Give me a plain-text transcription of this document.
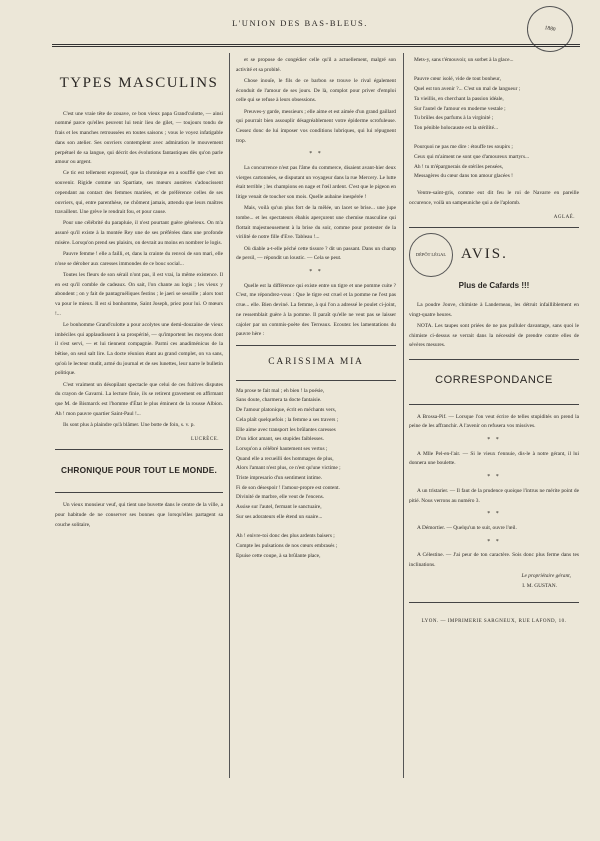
L'UNION DES BAS-BLEUS.
1880
TYPES MASCULINS

C'est une vraie tête de zouave, ce bon vieux papa Grand'culotte, — ainsi nommé parce qu'elles peuvent lui tenir lieu de gilet, — toujours tondu de frais et les manches retroussées en toutes saisons ; vous le voyez infatigable dans son atelier. Ses ouvriers contemplent avec admiration le mouvement perpétuel de sa langue, qui décrit des évolutions fantastiques dès qu'on parle amour ou argent.

Ce tic est tellement expressif, que la chronique en a soufflé que c'est un souvenir. Rigide comme un Spartiate, ses mœurs austères s'adoucissent cependant au contact des femmes mariées, et de préférence celles de ses ouvriers, qui, entre parenthèse, ne chôment jamais, attendu que leurs maîtres travaillent. Une grève le rendrait fou, et pour cause.

Pour une célébrité du parapluie, il n'est pourtant guère généreux. On m'a assuré qu'il existe à la montée Rey une de ses préférées dans une profonde misère. Lorsqu'on prend ses plaisirs, on devrait au moins en nombrer le logis.

Pauvre femme ! elle a failli, et, dans la crainte du renvoi de son mari, elle n'ose se dérober aux caresses immondes de ce bouc social...

Toutes les fleurs de son sérail n'ont pas, il est vrai, la même existence. Il en est qu'il comble de cadeaux. On sait, l'on chante au logis ; les vieux y abondent ; on y fait de pantagruéliques festins ; le jaeri se sesoille ; alors tout va pour le mieux. Il est si bonhomme, Saint Joseph, priez pour lui. O mœurs !...

Le bonhomme Grand'culotte a pour acolytes une demi-douzaine de vieux imbéciles qui applaudissent à sa prospérité, — qu'importent les moyens dont il s'est servi, — et lui tiennent compagnie. Parmi ces anadiménicus de la bêtise, on seul salt lire. La docte réunion étant au grand complet, on va sans, qu'où le lecteur studit, armé du journal et de ses lunettes, leur narre le bulletin politique.

C'est vraiment un désopilant spectacle que celui de ces fuitives disputes du crayon de Gavarni. La lecture finie, ils se retirent gravement en affirmant que M. de Bismarck est l'homme d'État le plus éminent de la rousse Albion. Ah ! mon pauvre quartier Saint-Paul !...

Ils sont plus à plaindre qu'à blâmer. Une botte de foin, s. v. p.

LUCRÈCE.
CHRONIQUE POUR TOUT LE MONDE.

Un vieux monsieur veuf, qui tient une buvette dans le centre de la ville, a pour habitude de ne conserver ses bonnes que lorsqu'elles partagent sa couche solitaire,

et se propose de congédier celle qu'il a actuellement, malgré son activité et sa probité.

Chose inouïe, le fils de ce barbon se trouve le rival également éconduit de l'amour de ses jours. De là, complot pour priver d'emploi celle qui se refuse à leurs obsessions.

Preuves-y garde, messieurs ; elle aime et est aimée d'un grand gaillard qui pourrait bien assouplir désagréablement votre épiderme scrofuleuse. Cessez donc de lui imposer vos conditions lubriques, qui lui répugnent trop.

* *

La concurrence n'est pas l'âme du commerce, disaient avant-hier deux vierges cartonnées, se disputant un voyageur dans la rue Mercery. Le lutte était terrible ; les champions en nage et l'œil ardent. C'est que le pigeon en litige venait de toucher son mois. Quelle aubaine inespérée !

Mais, voilà qu'un plus fort de la mêlée, un lacet se brise... une jupe tombe... et les spectateurs ébahis aperçurent une chemise masculine qui flottait majestueusement à la brise du soir, comme pour protester de la virilité de notre fille d'Eve. Tableau !...

Où diable a-t-elle péché cette tissure ? dit un passant. Dans un champ de persil, — répondit un loustic. — Cela se peut.

* *

Quelle est la différence qui existe entre un tigre et une pomme cuite ? C'est, me répondrez-vous : Que le tigre est cruel et la pomme ne l'est pas crue... elle. Bien deviné. La femme, à qui l'on a adressé le poulet ci-joint, ne ressemblait guère à la pomme. Il paraît qu'elle ne veut pas se laisser cajoler par un commis-poète des Terreaux. Ecoutez les lamentations du pauvre hère :

CARISSIMA MIA

Ma prose te fait mal ; eh bien ! la poésie,

Sans doute, charmera ta docte fantaisie.

De l'amour platonique, écrit en méchants vers,

Cela plaît quelquefois ; la femme a ses travers ;

Elle aime avec transport les brûlantes caresses

D'un idiot amant, ses stupides faiblesses.

Lorsqu'on a célébré hautement ses vertus ;

Quand elle a recueilli des hommages de plus,

Alors l'amant n'est plus, ce n'est qu'une victime ;

Triste impresario d'un sentiment intime.

Fi de son désespoir ! l'amour-propre est content.

Divinité de marbre, elle veut de l'encens.

Assise sur l'autel, fermant le sanctuaire,

Sur ses adorateurs elle étend un suaire...

Ah ! enivre-toi donc des plus ardents baisers ;

Compte les pulsations de nos cœurs embrasés ;

Epuise cette coupe, à sa brûlante place,

Mets-y, sans t'émouvoir, un sorbet à la glace...

Pauvre cœur isolé, vide de tout bonheur,

Quel est ton avenir ?... C'est un mal de langueur ;

Ta vieillis, en cherchant la passion idéale,

Sur l'autel de l'amour en moderne vestale ;

Tu brûles des parfums à la virginité ;

Ton pénible holocauste est la stérilité...

Pourquoi ne pas me dire : étouffe tes soupirs ;

Ceux qui m'aiment ne sont que d'amoureux martyrs...

Ah ! tu m'épargnerais de stériles pensées,

Messagères du cœur dans ton amour glacées !

Ventre-saint-gris, comme eut dit feu le roi de Navarre en pareille occurence, voilà un sampeuniche qui a de l'aplomb.

AGLAÉ.
DÉPÔT LÉGAL AVIS.
Plus de Cafards !!!

La poudre Jouve, chimiste à Landerneau, les détruit infailliblement en vingt-quatre heures.

NOTA. Les taupes sont priées de ne pas pulluler davantage, sans quoi le chimiste ci-dessus se verrait dans la nécessité de prendre contre elles de sévères mesures.

CORRESPONDANCE

A Brossa-Pif. — Lorsque l'on veut écrire de telles stupidités on prend la peine de les affranchir. A l'avenir on refusera vos missives.

* *

A Mlle Pel-en-l'air. — Si le vieux t'ennuie, dis-le à notre gérant, il lui donnera une boulette.

* *

A un tristarier. — Il faut de la prudence quoique l'intrus ne mérite point de pitié. Nous verrons au numéro 3.

* *

A Démortier. — Quelqu'un te suit, ouvre l'œil.

* *

A Célestine. — J'ai peur de ton caractère. Sois donc plus ferme dans tes inclinations.

Le propriétaire gérant,
I. M. GUSTAN.
LYON. — IMPRIMERIE SARGNEUX, RUE LAFOND, 10.
